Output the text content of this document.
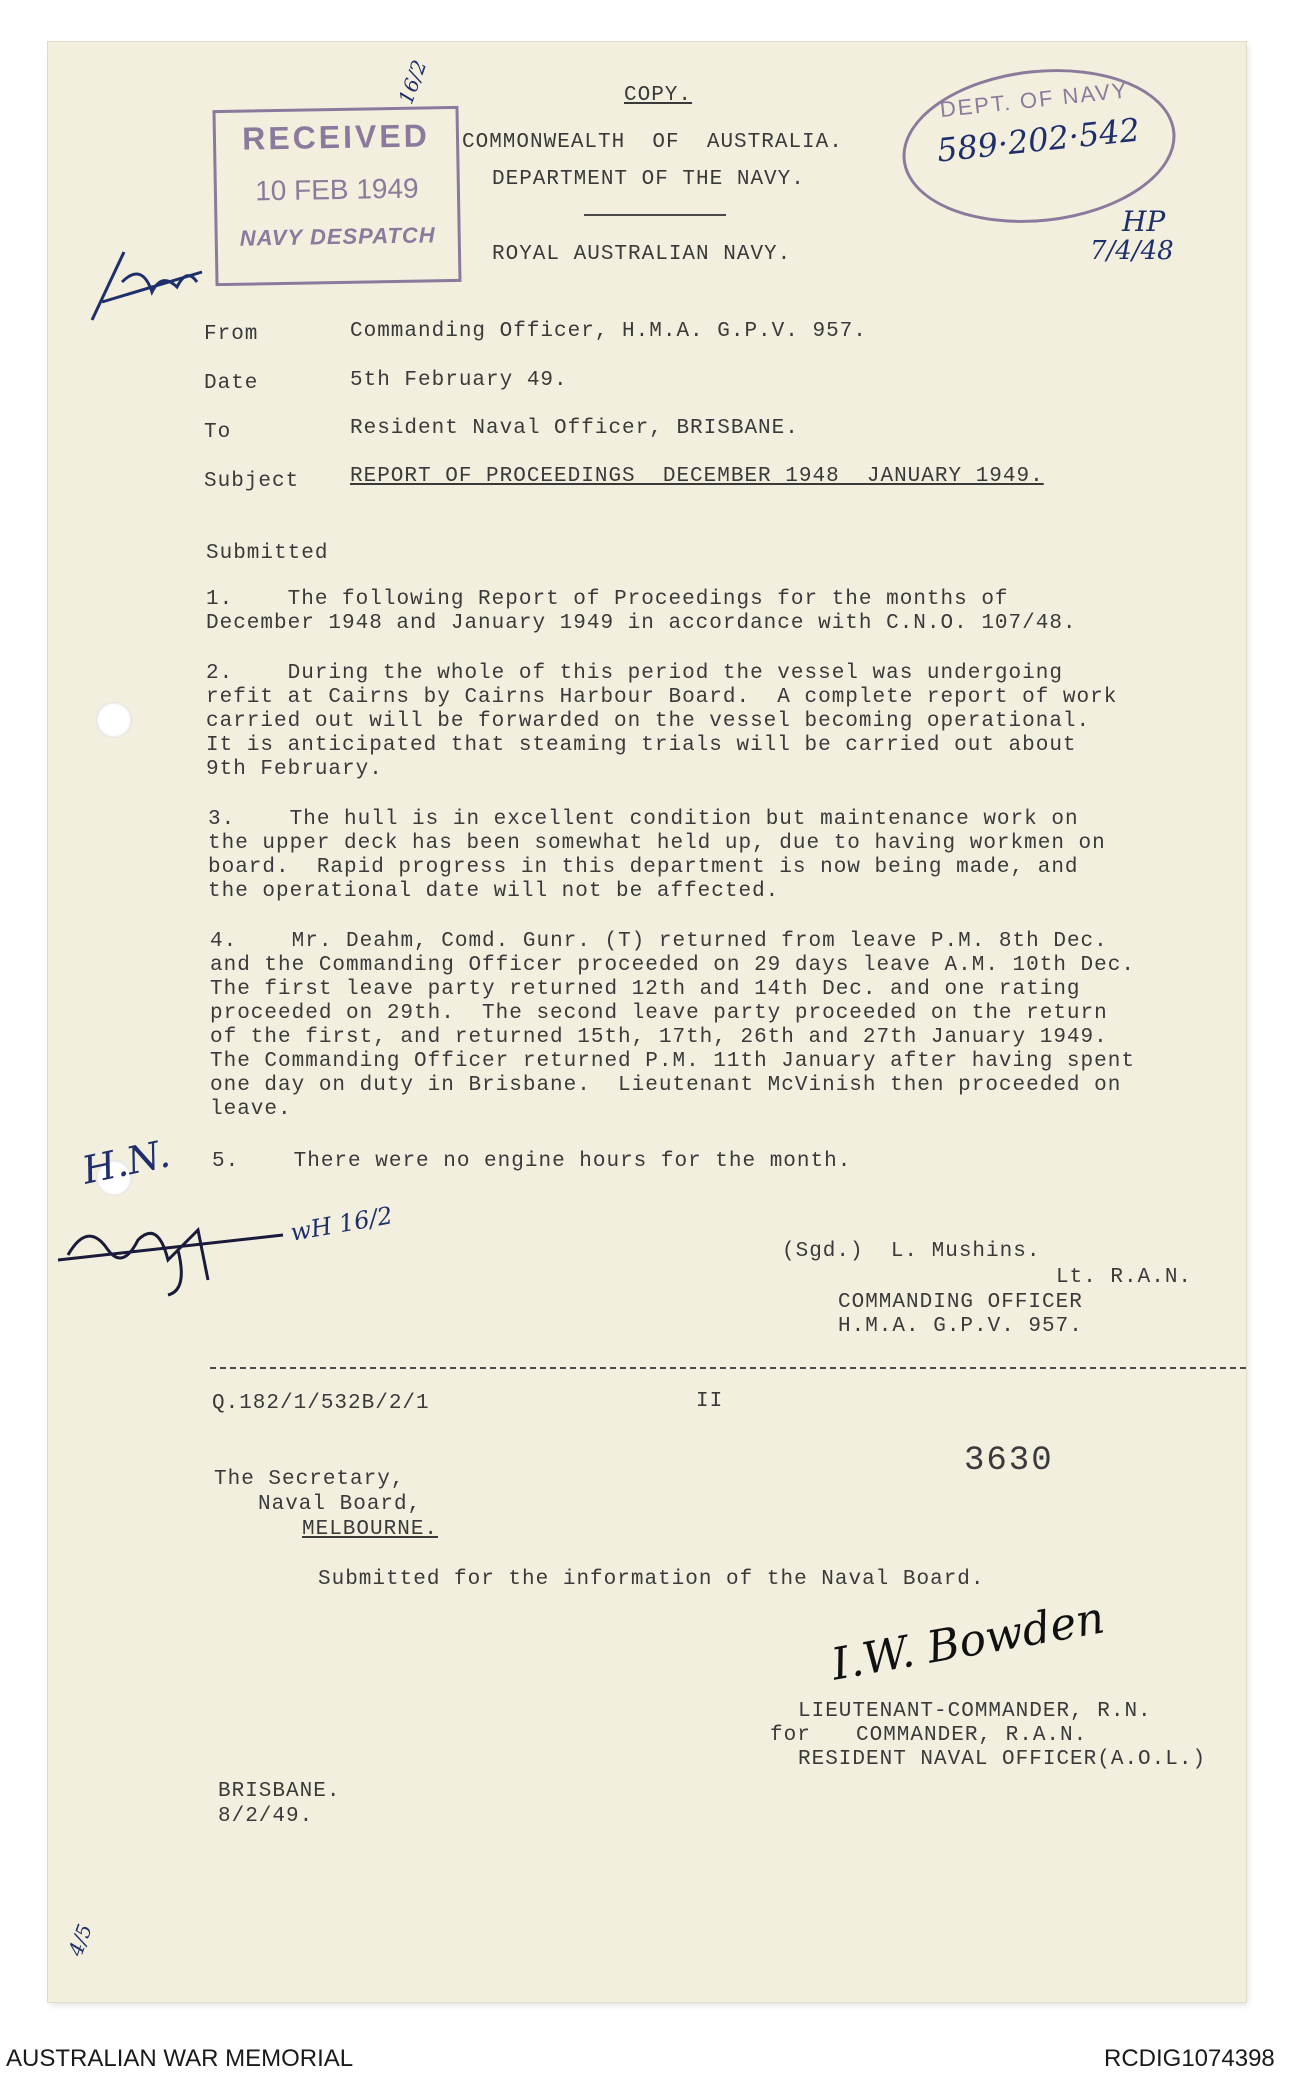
RECEIVED
10 FEB 1949
NAVY DESPATCH
DEPT. OF NAVY
589·202·542
16/2
HP
7/4/48
H.N.
wH 16/2
4/5
COPY.
COMMONWEALTH  OF  AUSTRALIA.
DEPARTMENT OF THE NAVY.
ROYAL AUSTRALIAN NAVY.
From	Commanding Officer, H.M.A. G.P.V. 957.
Date	5th February 49.
To	Resident Naval Officer, BRISBANE.
Subject REPORT OF PROCEEDINGS  DECEMBER 1948  JANUARY 1949.
Submitted
1.    The following Report of Proceedings for the months of
December 1948 and January 1949 in accordance with C.N.O. 107/48.
2.    During the whole of this period the vessel was undergoing
refit at Cairns by Cairns Harbour Board.  A complete report of work
carried out will be forwarded on the vessel becoming operational.
It is anticipated that steaming trials will be carried out about
9th February.
3.    The hull is in excellent condition but maintenance work on
the upper deck has been somewhat held up, due to having workmen on
board.  Rapid progress in this department is now being made, and
the operational date will not be affected.
4.    Mr. Deahm, Comd. Gunr. (T) returned from leave P.M. 8th Dec.
and the Commanding Officer proceeded on 29 days leave A.M. 10th Dec.
The first leave party returned 12th and 14th Dec. and one rating
proceeded on 29th.  The second leave party proceeded on the return
of the first, and returned 15th, 17th, 26th and 27th January 1949.
The Commanding Officer returned P.M. 11th January after having spent
one day on duty in Brisbane.  Lieutenant McVinish then proceeded on
leave.
5.    There were no engine hours for the month.
(Sgd.)  L. Mushins.
Lt. R.A.N.
COMMANDING OFFICER
H.M.A. G.P.V. 957.
Q.182/1/532B/2/1	II
3630
The Secretary,
Naval Board,
MELBOURNE.
Submitted for the information of the Naval Board.
I.W. Bowden
LIEUTENANT-COMMANDER, R.N.
for COMMANDER, R.A.N.
RESIDENT NAVAL OFFICER(A.O.L.)
BRISBANE.
8/2/49.
AUSTRALIAN WAR MEMORIAL	RCDIG1074398
